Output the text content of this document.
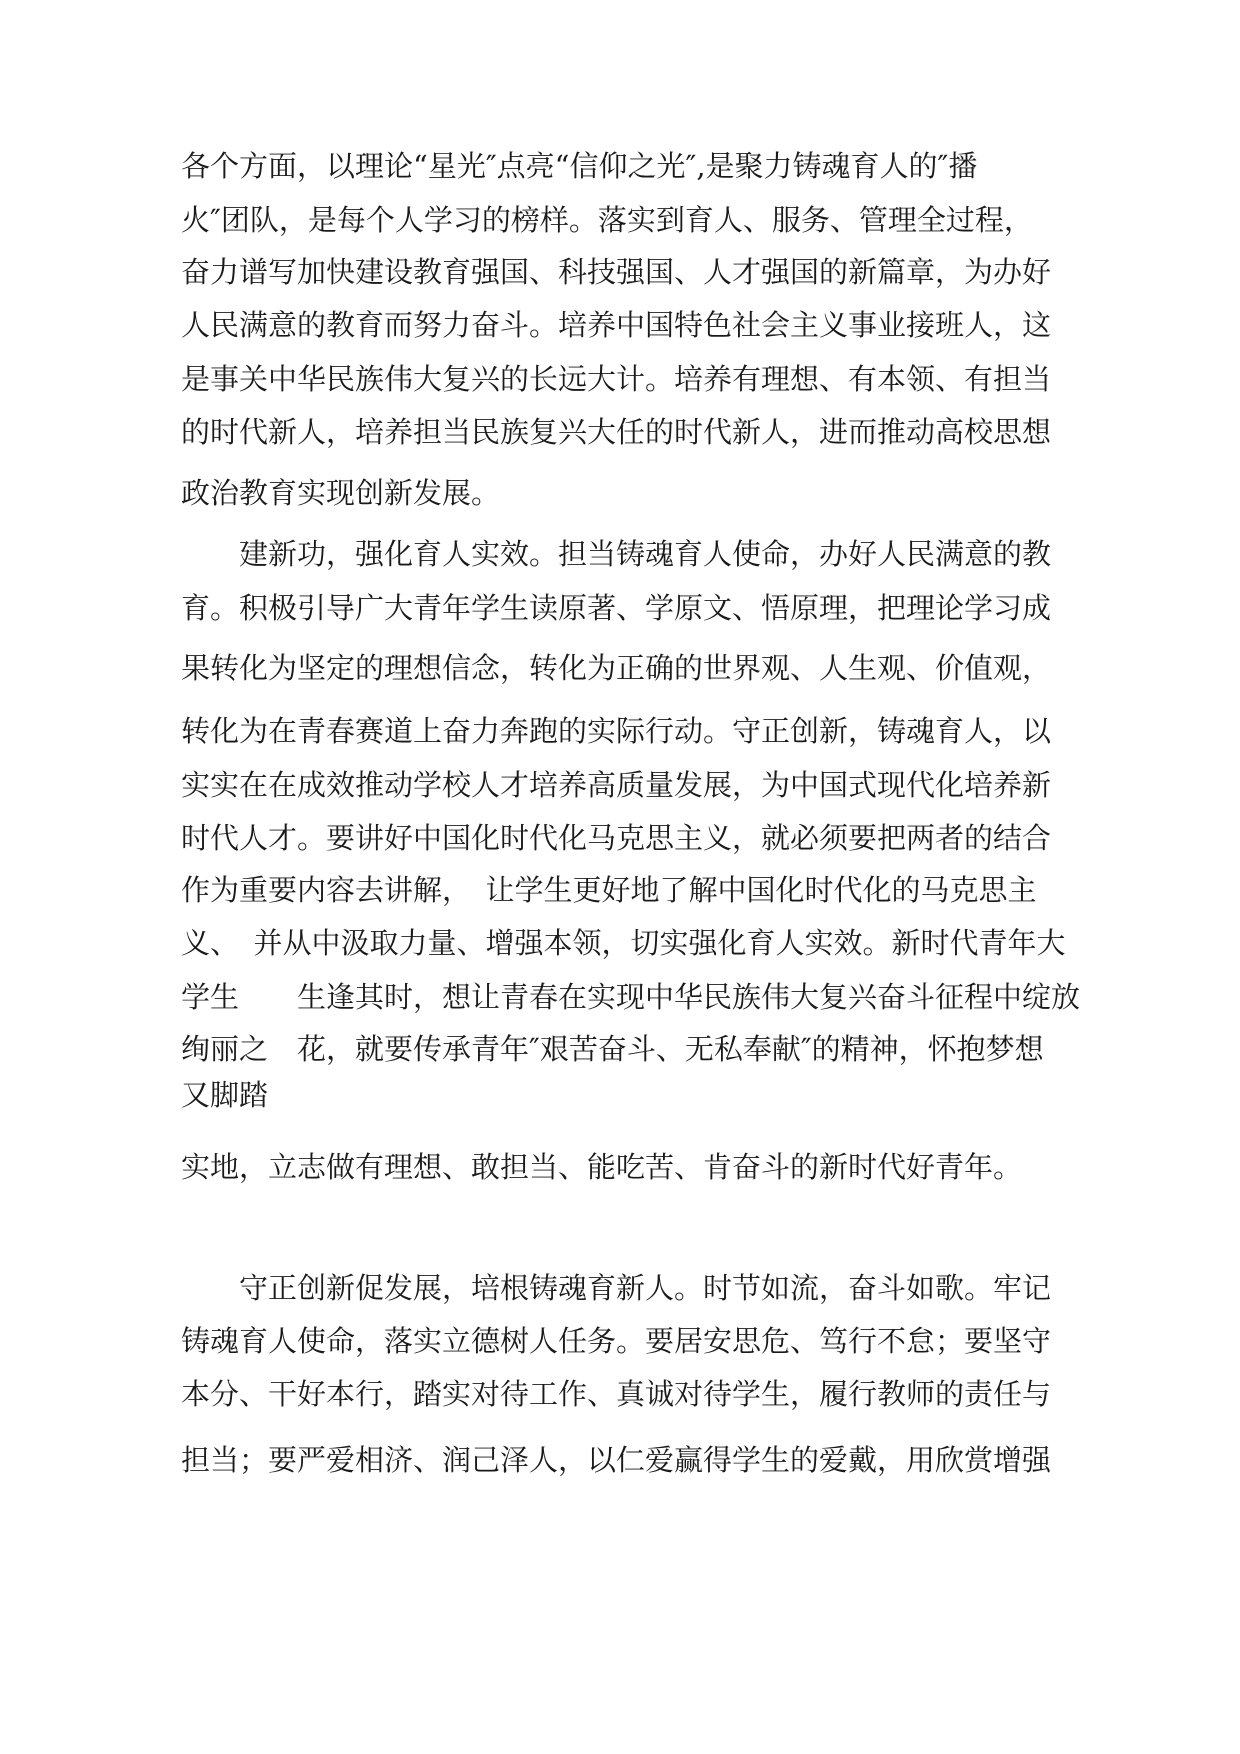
各个方面，以理论“星光″点亮“信仰之光″,是聚力铸魂育人的″播
火″团队，是每个人学习的榜样。落实到育人、服务、管理全过程，
奋力谱写加快建设教育强国、科技强国、人才强国的新篇章，为办好
人民满意的教育而努力奋斗。培养中国特色社会主义事业接班人，这
是事关中华民族伟大复兴的长远大计。培养有理想、有本领、有担当
的时代新人，培养担当民族复兴大任的时代新人，进而推动高校思想
政治教育实现创新发展。
　　建新功，强化育人实效。担当铸魂育人使命，办好人民满意的教
育。积极引导广大青年学生读原著、学原文、悟原理，把理论学习成
果转化为坚定的理想信念，转化为正确的世界观、人生观、价值观，
转化为在青春赛道上奋力奔跑的实际行动。守正创新，铸魂育人，以
实实在在成效推动学校人才培养高质量发展，为中国式现代化培养新
时代人才。要讲好中国化时代化马克思主义，就必须要把两者的结合
作为重要内容去讲解，　让学生更好地了解中国化时代化的马克思主
义、　并从中汲取力量、增强本领，切实强化育人实效。新时代青年大
学生　　生逢其时，想让青春在实现中华民族伟大复兴奋斗征程中绽放
绚丽之　花，就要传承青年″艰苦奋斗、无私奉献″的精神，怀抱梦想
又脚踏
实地，立志做有理想、敢担当、能吃苦、肯奋斗的新时代好青年。
　　守正创新促发展，培根铸魂育新人。时节如流，奋斗如歌。牢记
铸魂育人使命，落实立德树人任务。要居安思危、笃行不怠；要坚守
本分、干好本行，踏实对待工作、真诚对待学生，履行教师的责任与
担当；要严爱相济、润己泽人，以仁爱赢得学生的爱戴，用欣赏增强
